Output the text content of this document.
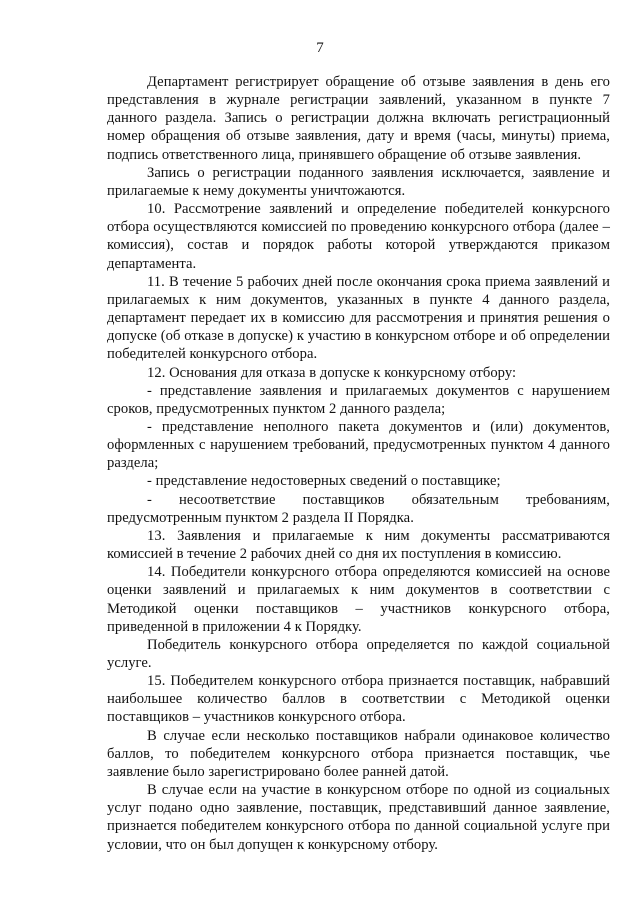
7

Департамент регистрирует обращение об отзыве заявления в день его представления в журнале регистрации заявлений, указанном в пункте 7 данного раздела. Запись о регистрации должна включать регистрационный номер обращения об отзыве заявления, дату и время (часы, минуты) приема, подпись ответственного лица, принявшего обращение об отзыве заявления.

Запись о регистрации поданного заявления исключается, заявление и прилагаемые к нему документы уничтожаются.

10. Рассмотрение заявлений и определение победителей конкурсного отбора осуществляются комиссией по проведению конкурсного отбора (далее – комиссия), состав и порядок работы которой утверждаются приказом департамента.

11. В течение 5 рабочих дней после окончания срока приема заявлений и прилагаемых к ним документов, указанных в пункте 4 данного раздела, департамент передает их в комиссию для рассмотрения и принятия решения о допуске (об отказе в допуске) к участию в конкурсном отборе и об определении победителей конкурсного отбора.

12. Основания для отказа в допуске к конкурсному отбору:

- представление заявления и прилагаемых документов с нарушением сроков, предусмотренных пунктом 2 данного раздела;

- представление неполного пакета документов и (или) документов, оформленных с нарушением требований, предусмотренных пунктом 4 данного раздела;

- представление недостоверных сведений о поставщике;

- несоответствие поставщиков обязательным требованиям, предусмотренным пунктом 2 раздела II Порядка.

13. Заявления и прилагаемые к ним документы рассматриваются комиссией в течение 2 рабочих дней со дня их поступления в комиссию.

14. Победители конкурсного отбора определяются комиссией на основе оценки заявлений и прилагаемых к ним документов в соответствии с Методикой оценки поставщиков – участников конкурсного отбора, приведенной в приложении 4 к Порядку.

Победитель конкурсного отбора определяется по каждой социальной услуге.

15. Победителем конкурсного отбора признается поставщик, набравший наибольшее количество баллов в соответствии с Методикой оценки поставщиков – участников конкурсного отбора.

В случае если несколько поставщиков набрали одинаковое количество баллов, то победителем конкурсного отбора признается поставщик, чье заявление было зарегистрировано более ранней датой.

В случае если на участие в конкурсном отборе по одной из социальных услуг подано одно заявление, поставщик, представивший данное заявление, признается победителем конкурсного отбора по данной социальной услуге при условии, что он был допущен к конкурсному отбору.
